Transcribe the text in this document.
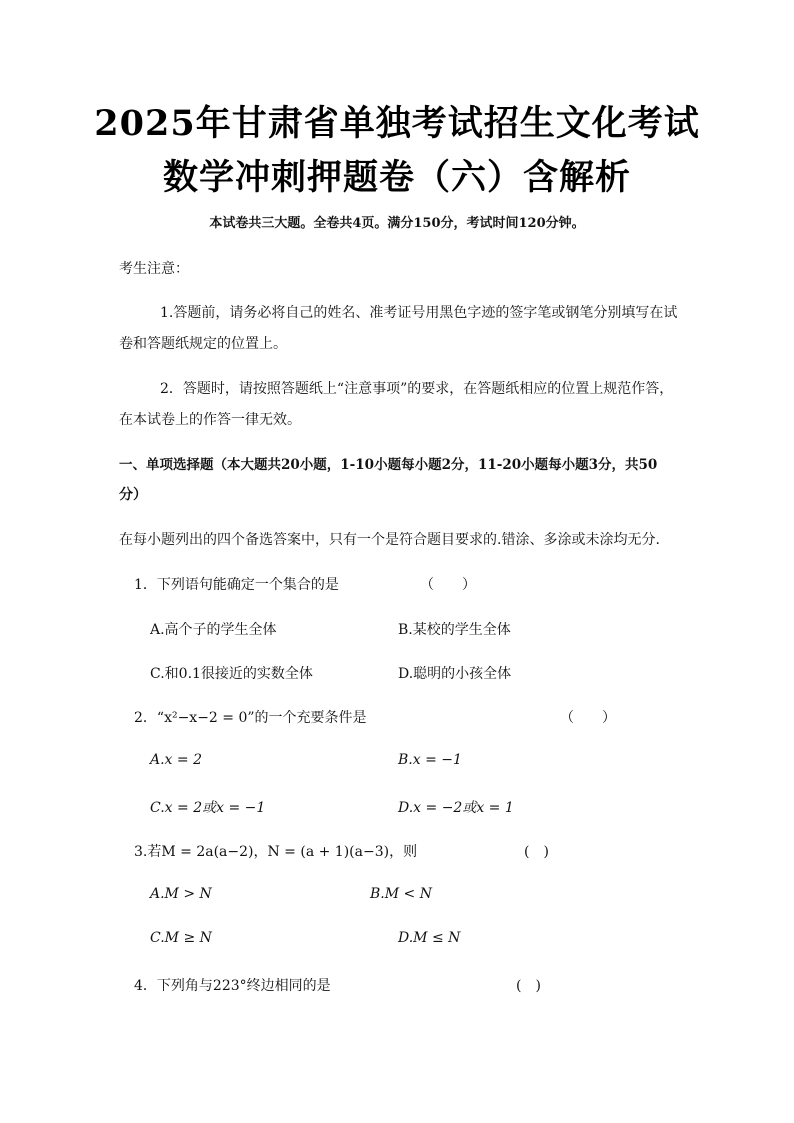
2025年甘肃省单独考试招生文化考试
数学冲刺押题卷（六）含解析
本试卷共三大题。全卷共4页。满分150分，考试时间120分钟。
考生注意：
1.答题前，请务必将自己的姓名、准考证号用黑色字迹的签字笔或钢笔分别填写在试
卷和答题纸规定的位置上。
2．答题时，请按照答题纸上“注意事项”的要求，在答题纸相应的位置上规范作答，
在本试卷上的作答一律无效。
一、单项选择题（本大题共20小题，1-10小题每小题2分，11-20小题每小题3分，共50
分）
在每小题列出的四个备选答案中，只有一个是符合题目要求的.错涂、多涂或未涂均无分.
1．下列语句能确定一个集合的是	（　　）
A.高个子的学生全体	B.某校的学生全体
C.和0.1很接近的实数全体	D.聪明的小孩全体
2．“x²−x−2 = 0”的一个充要条件是	（　　）
A.x = 2	B.x = −1
C.x = 2或x = −1	D.x = −2或x = 1
3.若M = 2a(a−2)，N = (a + 1)(a−3)，则	(　)
A.M > N	B.M < N
C.M ≥ N	D.M ≤ N
4．下列角与223°终边相同的是	(　)
